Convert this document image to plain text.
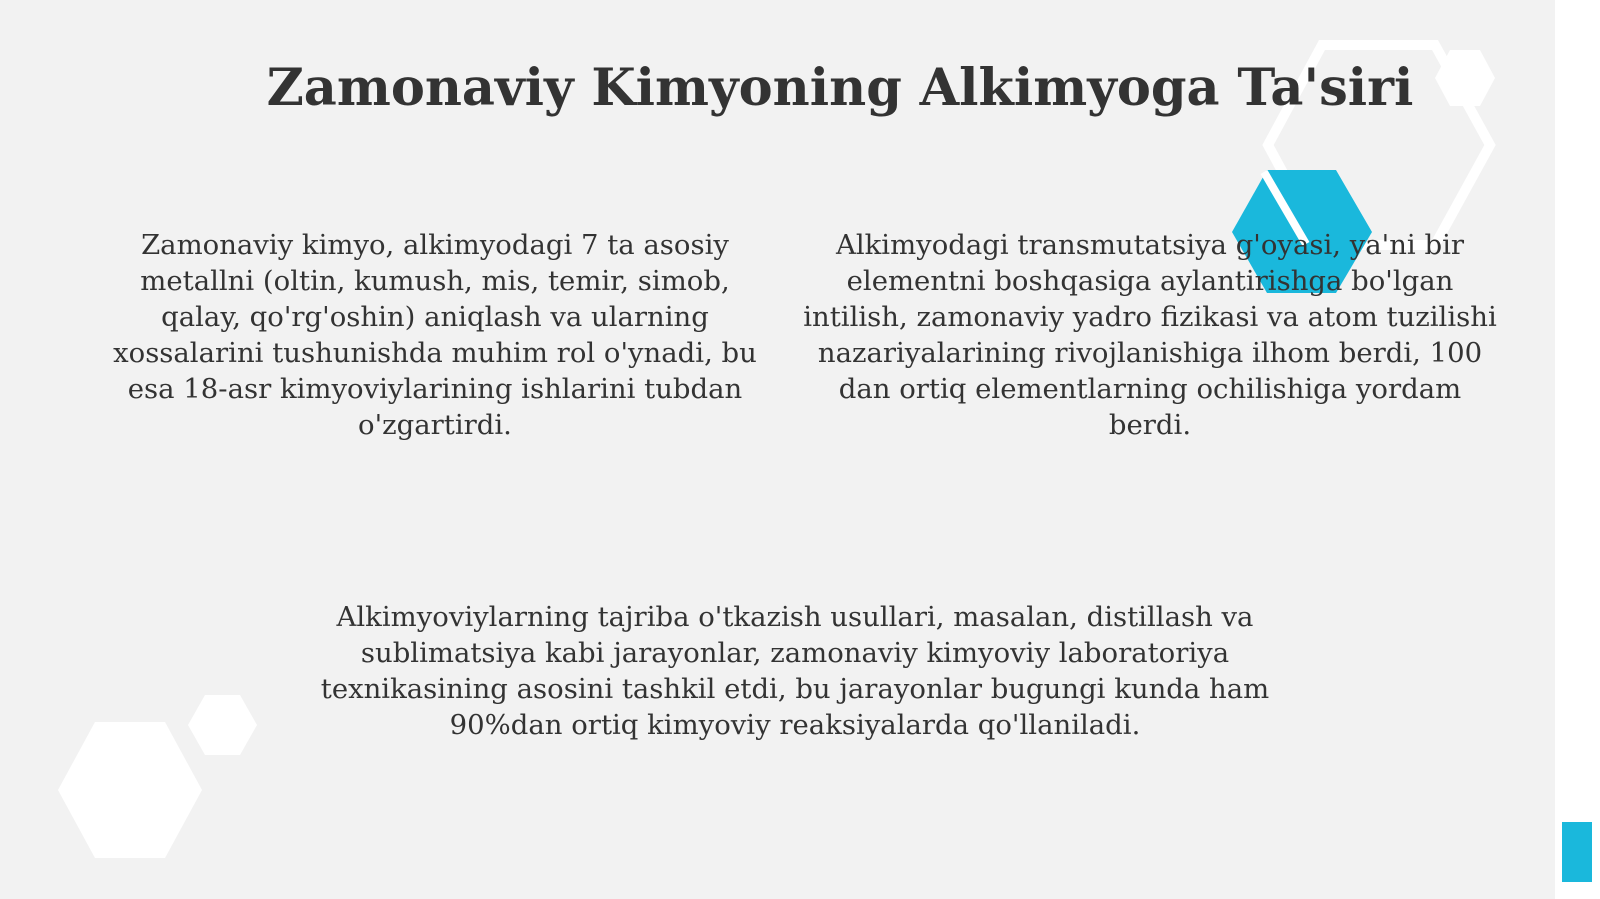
Zamonaviy Kimyoning Alkimyoga Ta'siri

Zamonaviy kimyo, alkimyodagi 7 ta asosiy metallni (oltin, kumush, mis, temir, simob, qalay, qo'rg'oshin) aniqlash va ularning xossalarini tushunishda muhim rol o'ynadi, bu esa 18-asr kimyoviylarining ishlarini tubdan o'zgartirdi.

Alkimyodagi transmutatsiya g'oyasi, ya'ni bir elementni boshqasiga aylantirishga bo'lgan intilish, zamonaviy yadro fizikasi va atom tuzilishi nazariyalarining rivojlanishiga ilhom berdi, 100 dan ortiq elementlarning ochilishiga yordam berdi.

Alkimyoviylarning tajriba o'tkazish usullari, masalan, distillash va sublimatsiya kabi jarayonlar, zamonaviy kimyoviy laboratoriya texnikasining asosini tashkil etdi, bu jarayonlar bugungi kunda ham 90%dan ortiq kimyoviy reaksiyalarda qo'llaniladi.
